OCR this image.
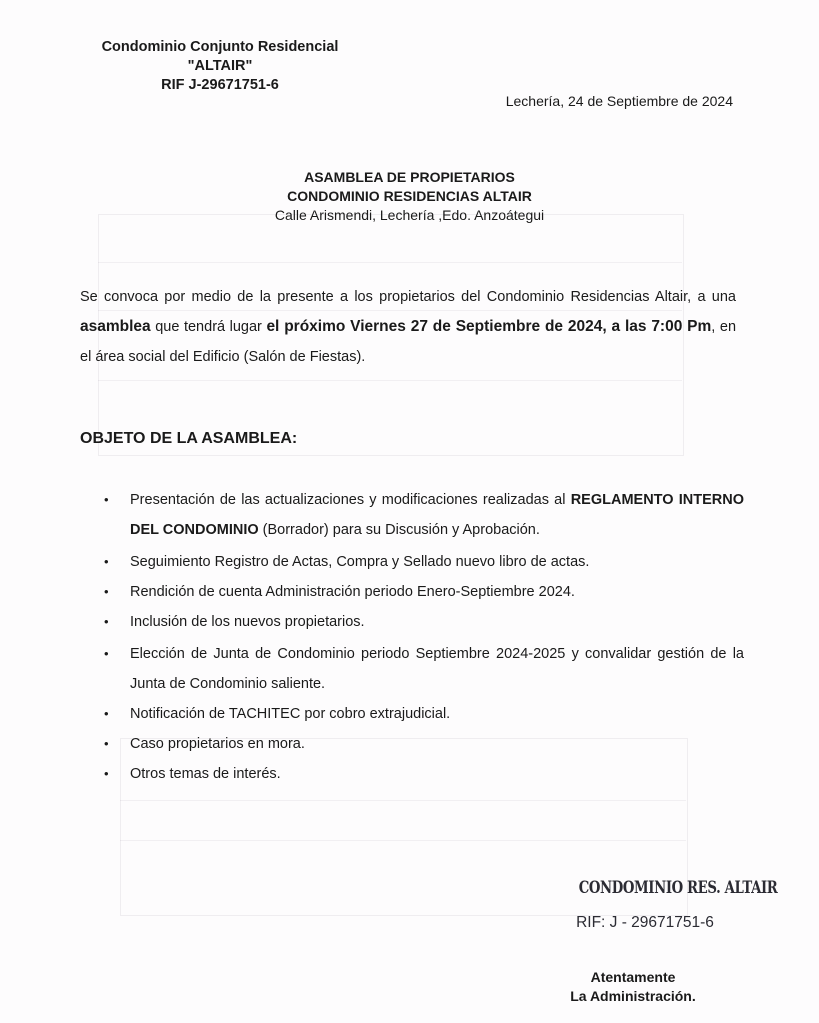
Condominio Conjunto Residencial
"ALTAIR"
RIF J-29671751-6
Lechería, 24 de Septiembre de 2024
ASAMBLEA DE PROPIETARIOS
CONDOMINIO RESIDENCIAS ALTAIR
Calle Arismendi, Lechería ,Edo. Anzoátegui

Se convoca por medio de la presente a los propietarios del Condominio Residencias Altair, a una asamblea que tendrá lugar el próximo Viernes 27 de Septiembre de 2024, a las 7:00 Pm, en el área social del Edificio (Salón de Fiestas).

OBJETO DE LA ASAMBLEA:
• Presentación de las actualizaciones y modificaciones realizadas al REGLAMENTO INTERNO DEL CONDOMINIO (Borrador) para su Discusión y Aprobación.
• Seguimiento Registro de Actas, Compra y Sellado nuevo libro de actas.
• Rendición de cuenta Administración periodo Enero-Septiembre 2024.
• Inclusión de los nuevos propietarios.
• Elección de Junta de Condominio periodo Septiembre 2024-2025 y convalidar gestión de la Junta de Condominio saliente.
• Notificación de TACHITEC por cobro extrajudicial.
• Caso propietarios en mora.
• Otros temas de interés.
CONDOMINIO RES. ALTAIR
RIF: J - 29671751-6
Atentamente
La Administración.
